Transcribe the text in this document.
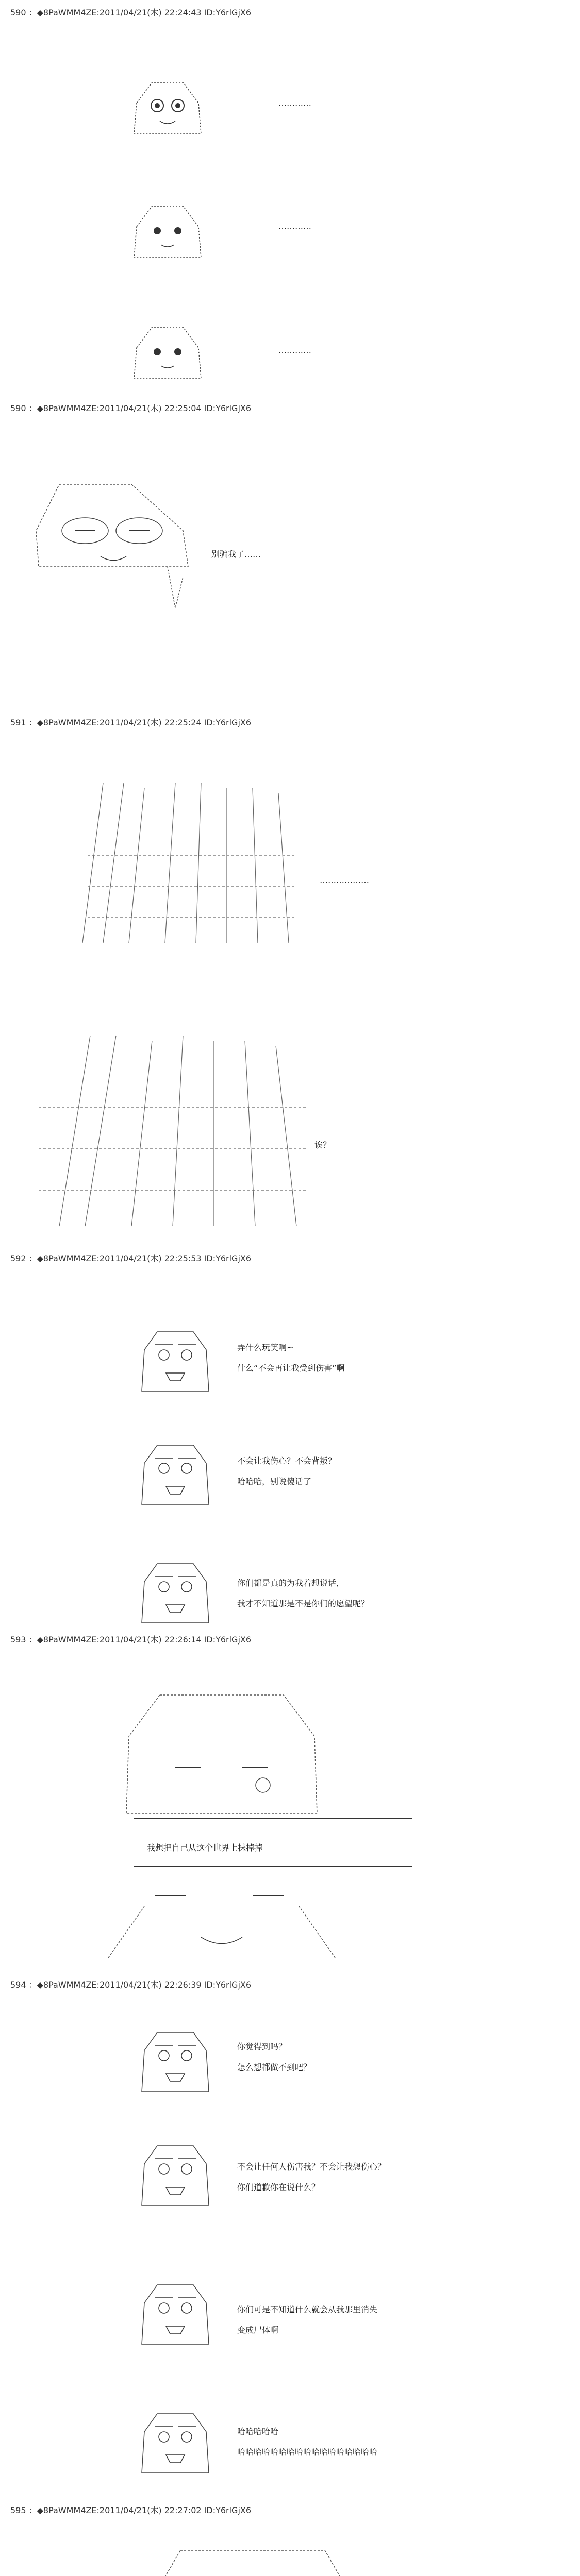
590 ：◆8PaWMM4ZE:2011/04/21(木) 22:24:43 ID:Y6rlGjX6
…………
…………
…………
590 ：◆8PaWMM4ZE:2011/04/21(木) 22:25:04 ID:Y6rlGjX6
别骗我了……
591 ：◆8PaWMM4ZE:2011/04/21(木) 22:25:24 ID:Y6rlGjX6
………………
诶？
592 ：◆8PaWMM4ZE:2011/04/21(木) 22:25:53 ID:Y6rlGjX6
弄什么玩笑啊~
什么“不会再让我受到伤害”啊
不会让我伤心？不会背叛？
哈哈哈，别说傻话了
你们都是真的为我着想说话，
我才不知道那是不是你们的愿望呢？
593 ：◆8PaWMM4ZE:2011/04/21(木) 22:26:14 ID:Y6rlGjX6
我想把自己从这个世界上抹掉掉
594 ：◆8PaWMM4ZE:2011/04/21(木) 22:26:39 ID:Y6rlGjX6
你觉得到吗？
怎么想都做不到吧？
不会让任何人伤害我？不会让我想伤心？
你们道歉你在说什么？
你们可是不知道什么就会从我那里消失
变成尸体啊
哈哈哈哈哈
哈哈哈哈哈哈哈哈哈哈哈哈哈哈哈哈哈
595 ：◆8PaWMM4ZE:2011/04/21(木) 22:27:02 ID:Y6rlGjX6
